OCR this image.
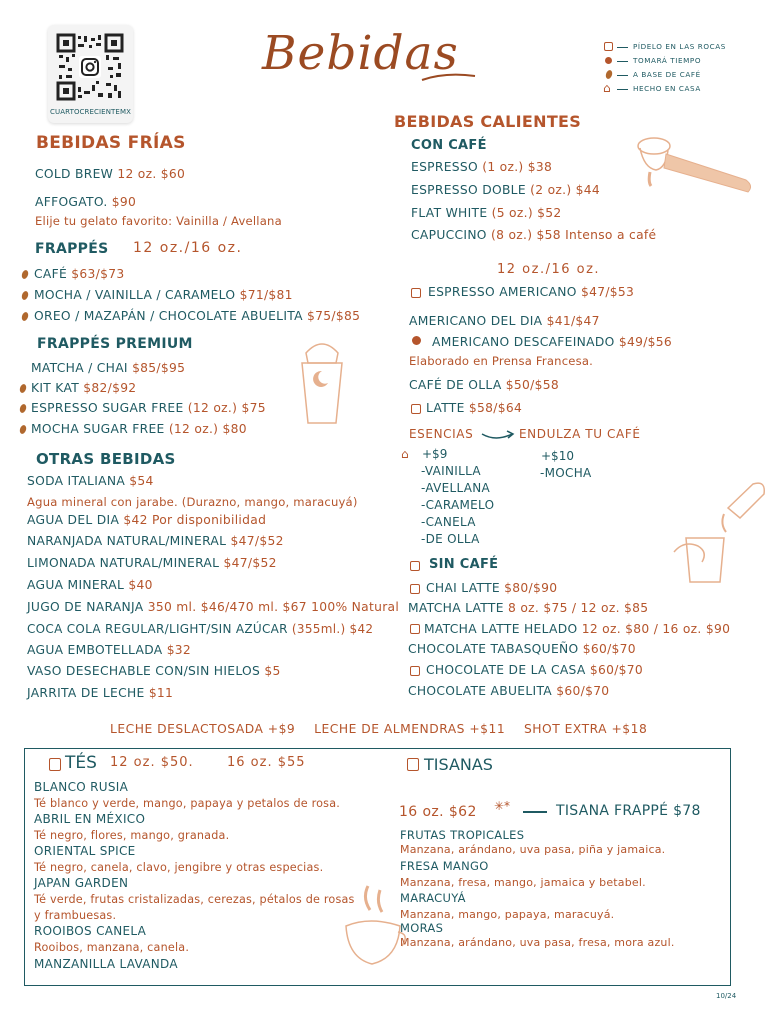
CUARTOCRECIENTEMX
Bebidas	PÍDELO EN LAS ROCAS
TOMARÁ TIEMPO
A BASE DE CAFÉ
⌂	HECHO EN CASA
BEBIDAS FRÍAS
COLD BREW 12 oz. $60
AFFOGATO. $90
Elije tu gelato favorito: Vainilla / Avellana
FRAPPÉS 12 oz./16 oz.
CAFÉ $63/$73
MOCHA / VAINILLA / CARAMELO $71/$81
OREO / MAZAPÁN / CHOCOLATE ABUELITA $75/$85
FRAPPÉS PREMIUM
MATCHA / CHAI $85/$95
KIT KAT $82/$92
ESPRESSO SUGAR FREE (12 oz.) $75
MOCHA SUGAR FREE (12 oz.) $80
OTRAS BEBIDAS
SODA ITALIANA $54
Agua mineral con jarabe. (Durazno, mango, maracuyá)
AGUA DEL DIA $42 Por disponibilidad
NARANJADA NATURAL/MINERAL $47/$52
LIMONADA NATURAL/MINERAL $47/$52
AGUA MINERAL $40
JUGO DE NARANJA 350 ml. $46/470 ml. $67 100% Natural
COCA COLA REGULAR/LIGHT/SIN AZÚCAR (355ml.) $42
AGUA EMBOTELLADA $32
VASO DESECHABLE CON/SIN HIELOS $5
JARRITA DE LECHE $11
BEBIDAS CALIENTES
CON CAFÉ
ESPRESSO (1 oz.) $38
ESPRESSO DOBLE (2 oz.) $44
FLAT WHITE (5 oz.) $52
CAPUCCINO (8 oz.) $58 Intenso a café
12 oz./16 oz.
ESPRESSO AMERICANO $47/$53
AMERICANO DEL DIA $41/$47
AMERICANO DESCAFEINADO $49/$56
Elaborado en Prensa Francesa.
CAFÉ DE OLLA $50/$58
LATTE $58/$64
ESENCIAS	ENDULZA TU CAFÉ
⌂ +$9
-VAINILLA
-AVELLANA
-CARAMELO
-CANELA
-DE OLLA
+$10
-MOCHA
SIN CAFÉ
CHAI LATTE $80/$90
MATCHA LATTE 8 oz. $75 / 12 oz. $85
MATCHA LATTE HELADO 12 oz. $80 / 16 oz. $90
CHOCOLATE TABASQUEÑO $60/$70
CHOCOLATE DE LA CASA $60/$70
CHOCOLATE ABUELITA $60/$70
LECHE DESLACTOSADA +$9 LECHE DE ALMENDRAS +$11 SHOT EXTRA +$18
TÉS 12 oz. $50.	16 oz. $55
BLANCO RUSIA
Té blanco y verde, mango, papaya y petalos de rosa.
ABRIL EN MÉXICO
Té negro, flores, mango, granada.
ORIENTAL SPICE
Té negro, canela, clavo, jengibre y otras especias.
JAPAN GARDEN
Té verde, frutas cristalizadas, cerezas, pétalos de rosas
y frambuesas.
ROOIBOS CANELA
Rooibos, manzana, canela.
MANZANILLA LAVANDA
TISANAS
16 oz. $62 ✳︎*	TISANA FRAPPÉ $78
FRUTAS TROPICALES
Manzana, arándano, uva pasa, piña y jamaica.
FRESA MANGO
Manzana, fresa, mango, jamaica y betabel.
MARACUYÁ
Manzana, mango, papaya, maracuyá.
MORAS
Manzana, arándano, uva pasa, fresa, mora azul.
10/24
